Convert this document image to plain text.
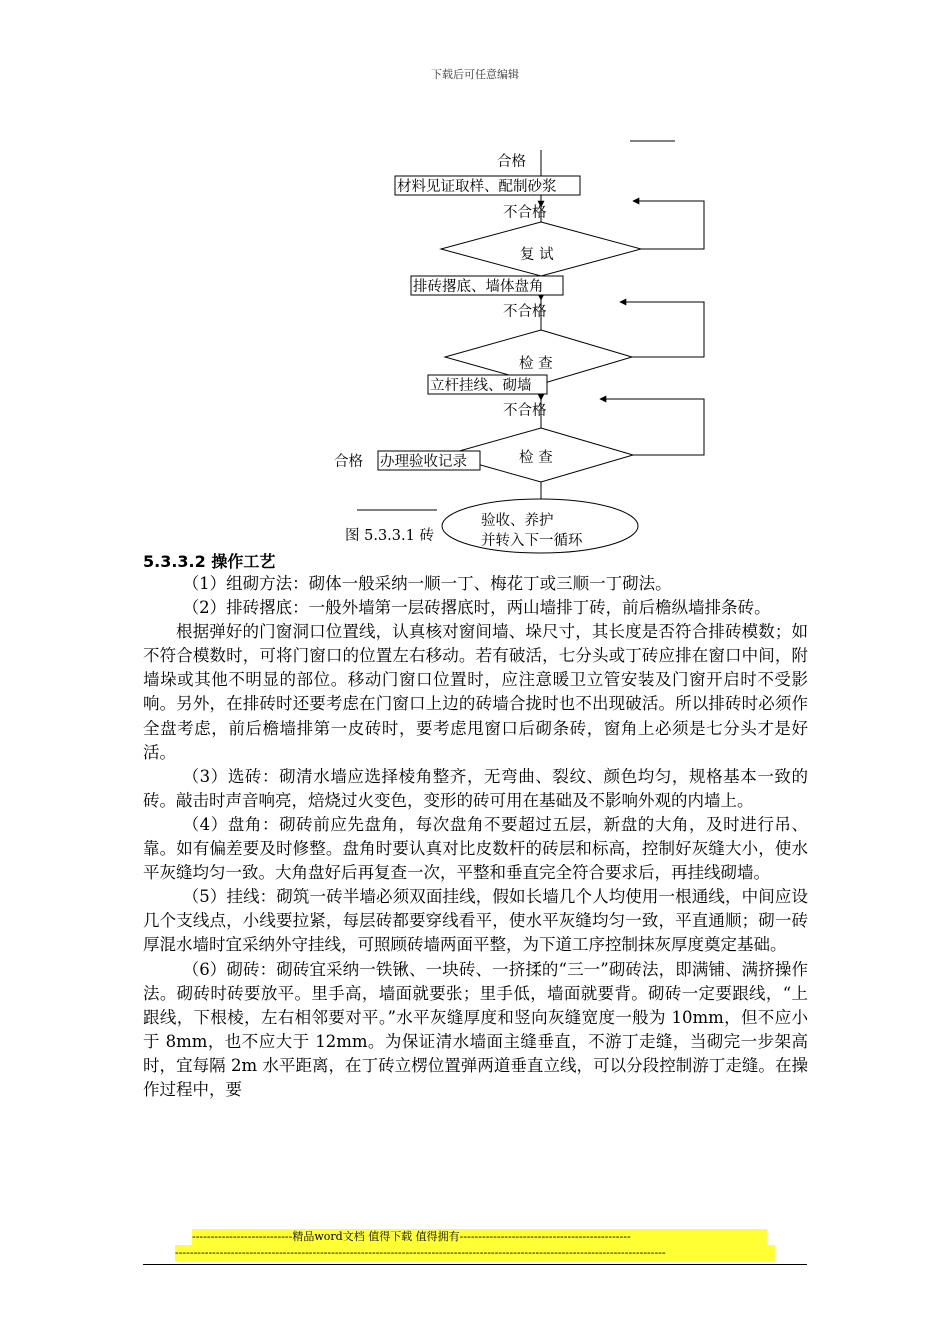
下载后可任意编辑
合格
材料见证取样、配制砂浆
不合格
复 试
排砖撂底、墙体盘角
不合格
检 查
立杆挂线、砌墙
不合格
合格 办理验收记录	检 查
图 5.3.3.1 砖
验收、养护
并转入下一循环
5.3.3.2 操作工艺

（1）组砌方法：砌体一般采纳一顺一丁、梅花丁或三顺一丁砌法。

（2）排砖撂底：一般外墙第一层砖撂底时，两山墙排丁砖，前后檐纵墙排条砖。

根据弹好的门窗洞口位置线，认真核对窗间墙、垛尺寸，其长度是否符合排砖模数；如不符合模数时，可将门窗口的位置左右移动。若有破活，七分头或丁砖应排在窗口中间，附墙垛或其他不明显的部位。移动门窗口位置时，应注意暖卫立管安装及门窗开启时不受影响。另外，在排砖时还要考虑在门窗口上边的砖墙合拢时也不出现破活。所以排砖时必须作全盘考虑，前后檐墙排第一皮砖时，要考虑甩窗口后砌条砖，窗角上必须是七分头才是好活。

（3）选砖：砌清水墙应选择棱角整齐，无弯曲、裂纹、颜色均匀，规格基本一致的砖。敲击时声音响亮，焙烧过火变色，变形的砖可用在基础及不影响外观的内墙上。

（4）盘角：砌砖前应先盘角，每次盘角不要超过五层，新盘的大角，及时进行吊、靠。如有偏差要及时修整。盘角时要认真对比皮数杆的砖层和标高，控制好灰缝大小，使水平灰缝均匀一致。大角盘好后再复查一次，平整和垂直完全符合要求后，再挂线砌墙。

（5）挂线：砌筑一砖半墙必须双面挂线，假如长墙几个人均使用一根通线，中间应设几个支线点，小线要拉紧，每层砖都要穿线看平，使水平灰缝均匀一致，平直通顺；砌一砖厚混水墙时宜采纳外守挂线，可照顾砖墙两面平整，为下道工序控制抹灰厚度奠定基础。

（6）砌砖：砌砖宜采纳一铁锹、一块砖、一挤揉的“三一”砌砖法，即满铺、满挤操作法。砌砖时砖要放平。里手高，墙面就要张；里手低，墙面就要背。砌砖一定要跟线，“上跟线，下根棱，左右相邻要对平。”水平灰缝厚度和竖向灰缝宽度一般为 10mm，但不应小于 8mm，也不应大于 12mm。为保证清水墙面主缝垂直，不游丁走缝，当砌完一步架高时，宜每隔 2m 水平距离，在丁砖立楞位置弹两道垂直立线，可以分段控制游丁走缝。在操作过程中，要

---------------------------精品word文档 值得下载 值得拥有----------------------------------------------
------------------------------------------------------------------------------------------------------------------------------------
